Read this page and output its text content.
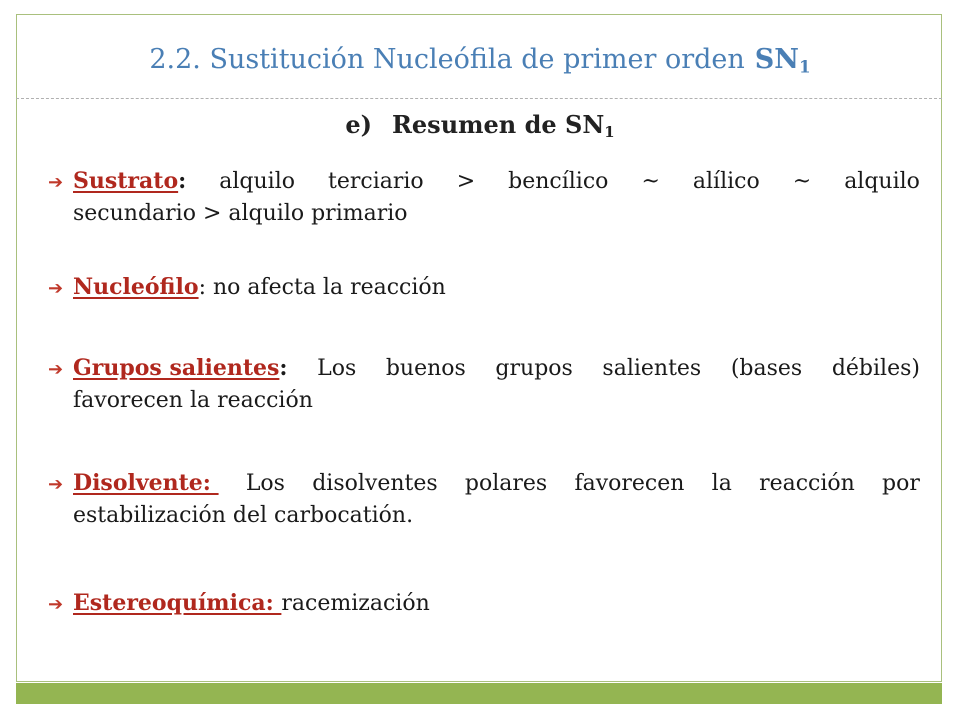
2.2. Sustitución Nucleófila de primer orden $SN_1$
e) Resumen de $SN_1$
➔ Sustrato: alquilo terciario > bencílico ~ alílico ~ alquilo
secundario > alquilo primario
➔ Nucleófilo : no afecta la reacción
➔ Grupos salientes: Los buenos grupos salientes (bases débiles)
favorecen la reacción
➔ Disolvente: Los disolventes polares favorecen la reacción por
estabilización del carbocatión.
➔ Estereoquímica: racemización
